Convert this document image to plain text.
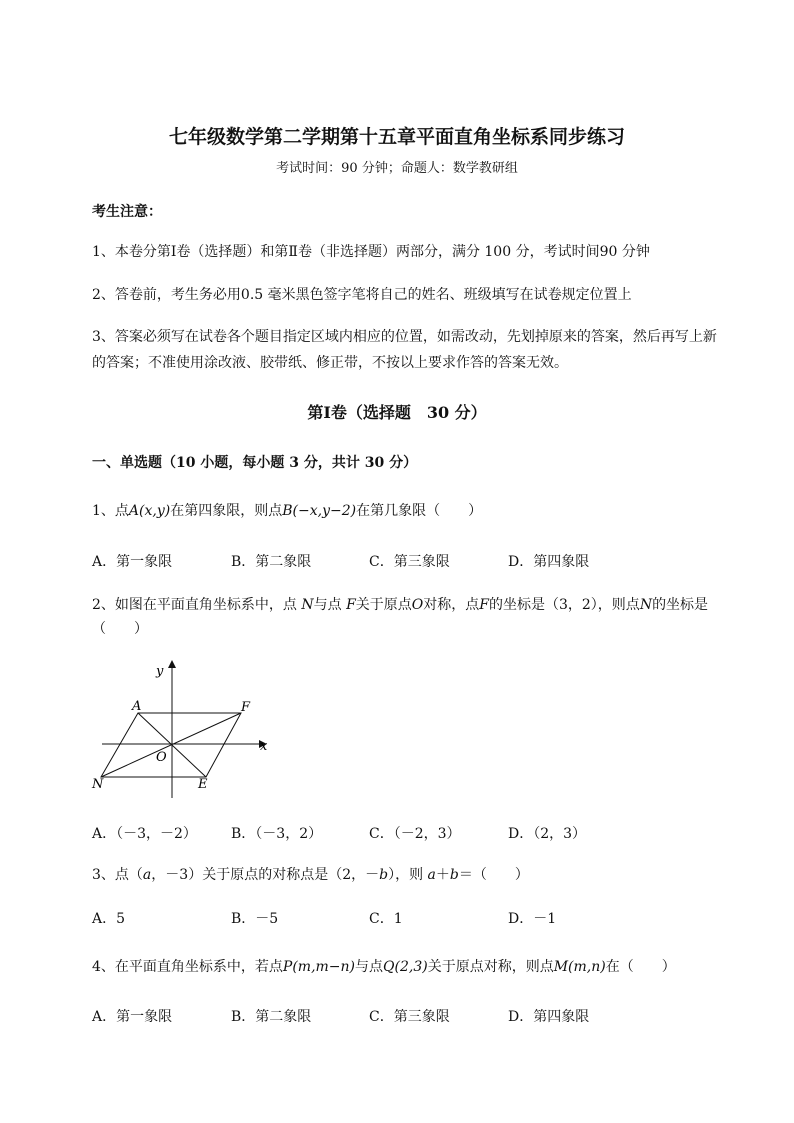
七年级数学第二学期第十五章平面直角坐标系同步练习
考试时间：90 分钟；命题人：数学教研组
考生注意：
1、本卷分第Ⅰ卷（选择题）和第Ⅱ卷（非选择题）两部分，满分 100 分，考试时间90 分钟
2、答卷前，考生务必用0.5 毫米黑色签字笔将自己的姓名、班级填写在试卷规定位置上
3、答案必须写在试卷各个题目指定区域内相应的位置，如需改动，先划掉原来的答案，然后再写上新
的答案；不准使用涂改液、胶带纸、修正带，不按以上要求作答的答案无效。
第Ⅰ卷（选择题　30 分）
一、单选题（10 小题，每小题 3 分，共计 30 分）
1、点A(x,y)在第四象限，则点B(−x,y−2)在第几象限（　　）
A．第一象限	B．第二象限	C．第三象限	D．第四象限
2、如图在平面直角坐标系中，点 N与点 F关于原点O对称，点F的坐标是（3，2），则点N的坐标是
（　　）
y
x
A	F
O
N	E
A．（－3，－2） B．（－3，2）	C．（－2，3）	D．（2，3）
3、点（a，－3）关于原点的对称点是（2，－b），则 a＋b＝（　　）
A．5	B．－5	C．1	D．－1
4、在平面直角坐标系中，若点P(m,m−n)与点Q(2,3)关于原点对称，则点M(m,n)在（　　）
A．第一象限	B．第二象限	C．第三象限	D．第四象限
